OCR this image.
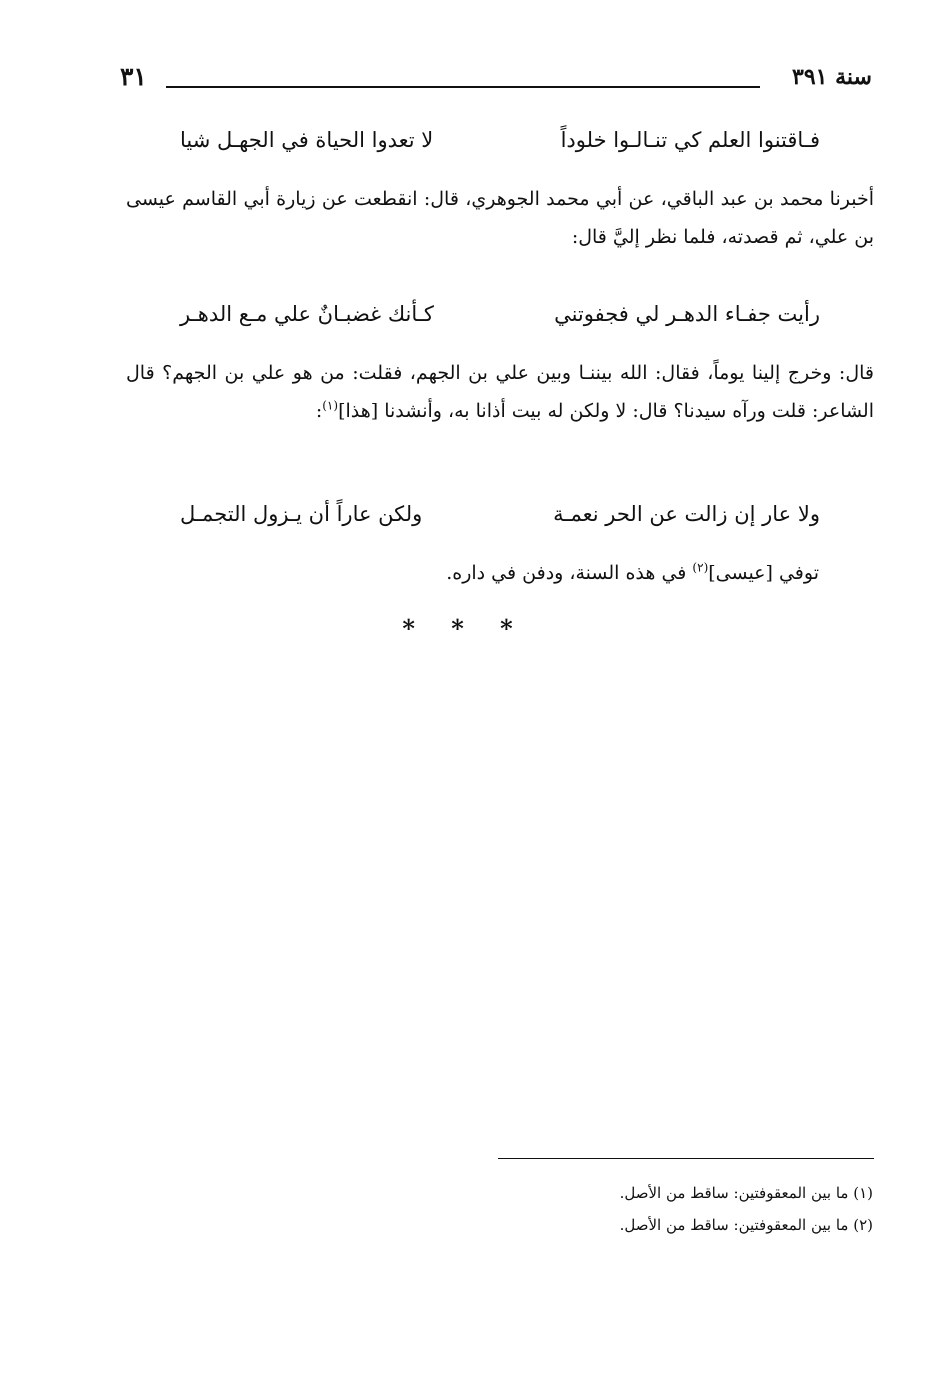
سنة ٣٩١
٣١
فـاقتنوا العلم كي تنـالـوا خلوداً
لا تعدوا الحياة في الجهـل شيا

أخبرنا محمد بن عبد الباقي، عن أبي محمد الجوهري، قال: انقطعت عن زيارة أبي القاسم عيسى بن علي، ثم قصدته، فلما نظر إليَّ قال:

رأيت جفـاء الدهـر لي فجفوتني
كـأنك غضبـانٌ علي مـع الدهـر

قال: وخرج إلينا يوماً، فقال: الله بيننـا وبين علي بن الجهم، فقلت: من هو علي بن الجهم؟ قال الشاعر: قلت ورآه سيدنا؟ قال: لا ولكن له بيت أذانا به، وأنشدنا [هذا]$^{(١)}$:

ولا عار إن زالت عن الحر نعمـة
ولكن عاراً أن يـزول التجمـل

توفي [عيسى]$^{(٢)}$ في هذه السنة، ودفن في داره.

* * *
(١) ما بين المعقوفتين: ساقط من الأصل.
(٢) ما بين المعقوفتين: ساقط من الأصل.
